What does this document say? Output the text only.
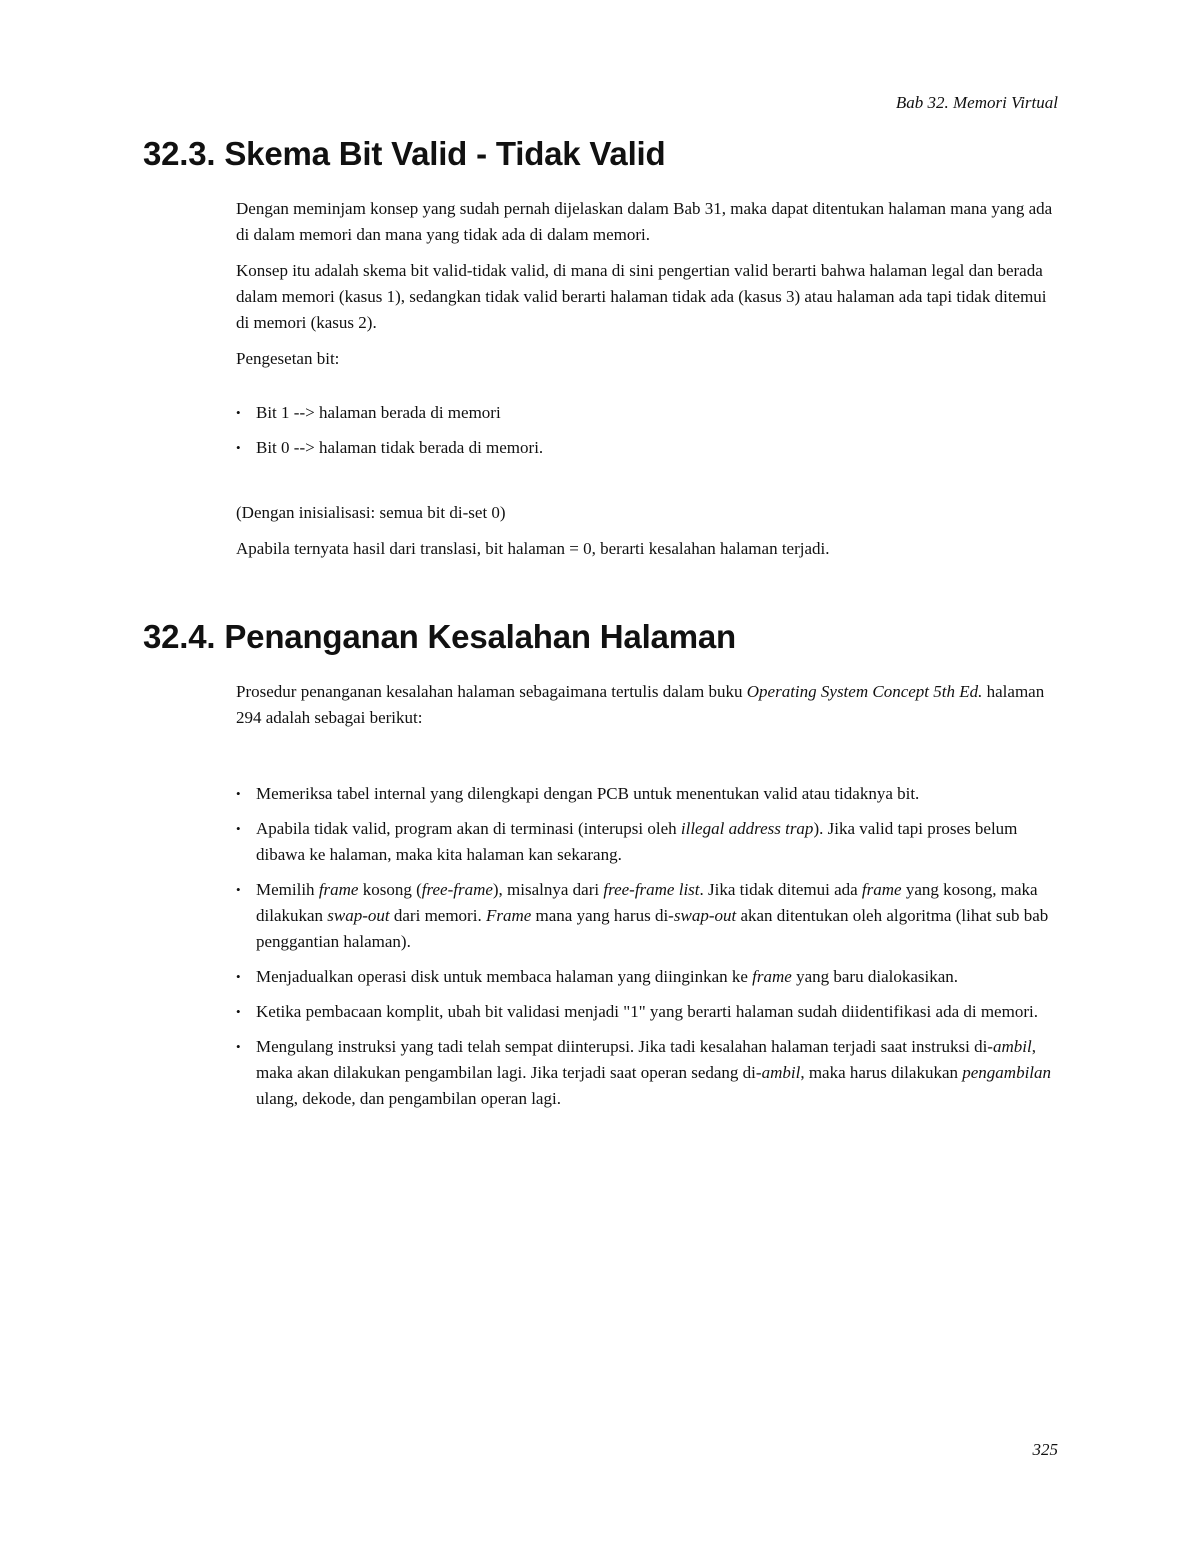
Bab 32. Memori Virtual
32.3. Skema Bit Valid - Tidak Valid

Dengan meminjam konsep yang sudah pernah dijelaskan dalam Bab 31, maka dapat ditentukan halaman mana yang ada di dalam memori dan mana yang tidak ada di dalam memori.

Konsep itu adalah skema bit valid-tidak valid, di mana di sini pengertian valid berarti bahwa halaman legal dan berada dalam memori (kasus 1), sedangkan tidak valid berarti halaman tidak ada (kasus 3) atau halaman ada tapi tidak ditemui di memori (kasus 2).

Pengesetan bit:

• Bit 1 --> halaman berada di memori
• Bit 0 --> halaman tidak berada di memori.

(Dengan inisialisasi: semua bit di-set 0)

Apabila ternyata hasil dari translasi, bit halaman = 0, berarti kesalahan halaman terjadi.

32.4. Penanganan Kesalahan Halaman

Prosedur penanganan kesalahan halaman sebagaimana tertulis dalam buku Operating System Concept 5th Ed. halaman 294 adalah sebagai berikut:

• Memeriksa tabel internal yang dilengkapi dengan PCB untuk menentukan valid atau tidaknya bit.
• Apabila tidak valid, program akan di terminasi (interupsi oleh illegal address trap). Jika valid tapi proses belum dibawa ke halaman, maka kita halaman kan sekarang.
• Memilih frame kosong (free-frame), misalnya dari free-frame list. Jika tidak ditemui ada frame yang kosong, maka dilakukan swap-out dari memori. Frame mana yang harus di-swap-out akan ditentukan oleh algoritma (lihat sub bab penggantian halaman).
• Menjadualkan operasi disk untuk membaca halaman yang diinginkan ke frame yang baru dialokasikan.
• Ketika pembacaan komplit, ubah bit validasi menjadi "1" yang berarti halaman sudah diidentifikasi ada di memori.
• Mengulang instruksi yang tadi telah sempat diinterupsi. Jika tadi kesalahan halaman terjadi saat instruksi di-ambil, maka akan dilakukan pengambilan lagi. Jika terjadi saat operan sedang di-ambil, maka harus dilakukan pengambilan ulang, dekode, dan pengambilan operan lagi.
325
